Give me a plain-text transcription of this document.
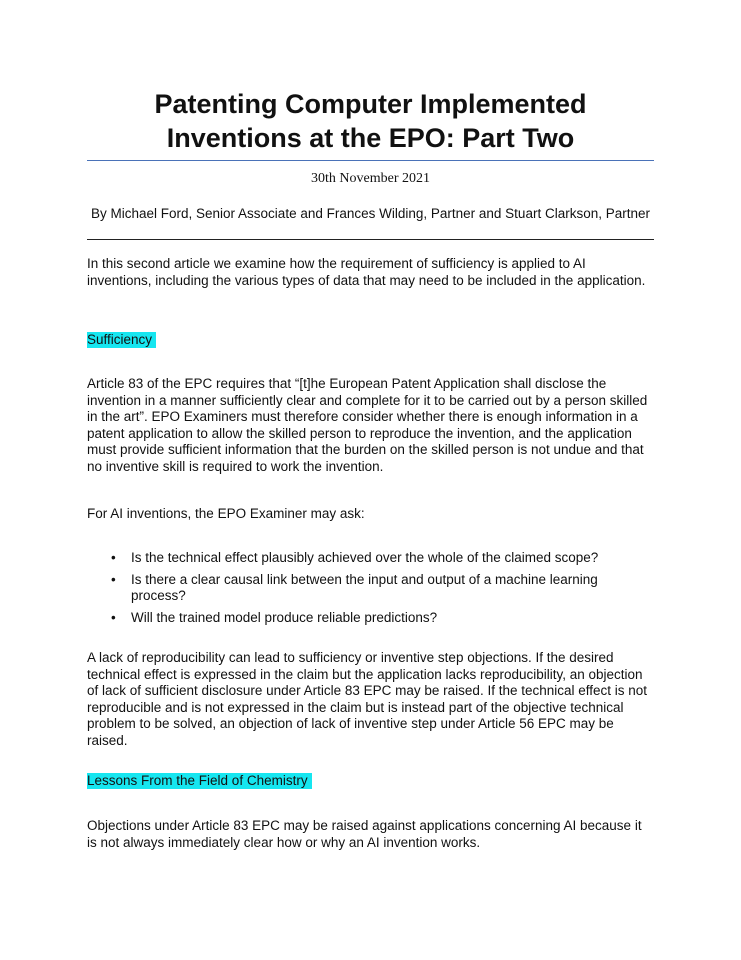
Patenting Computer Implemented
Inventions at the EPO: Part Two
30th November 2021
By Michael Ford, Senior Associate and Frances Wilding, Partner and Stuart Clarkson, Partner

In this second article we examine how the requirement of sufficiency is applied to AI inventions, including the various types of data that may need to be included in the application.

Sufficiency

Article 83 of the EPC requires that “[t]he European Patent Application shall disclose the invention in a manner sufficiently clear and complete for it to be carried out by a person skilled in the art”. EPO Examiners must therefore consider whether there is enough information in a patent application to allow the skilled person to reproduce the invention, and the application must provide sufficient information that the burden on the skilled person is not undue and that no inventive skill is required to work the invention.

For AI inventions, the EPO Examiner may ask:

• Is the technical effect plausibly achieved over the whole of the claimed scope?
• Is there a clear causal link between the input and output of a machine learning process?
• Will the trained model produce reliable predictions?

A lack of reproducibility can lead to sufficiency or inventive step objections. If the desired technical effect is expressed in the claim but the application lacks reproducibility, an objection of lack of sufficient disclosure under Article 83 EPC may be raised. If the technical effect is not reproducible and is not expressed in the claim but is instead part of the objective technical problem to be solved, an objection of lack of inventive step under Article 56 EPC may be raised.

Lessons From the Field of Chemistry

Objections under Article 83 EPC may be raised against applications concerning AI because it is not always immediately clear how or why an AI invention works.
